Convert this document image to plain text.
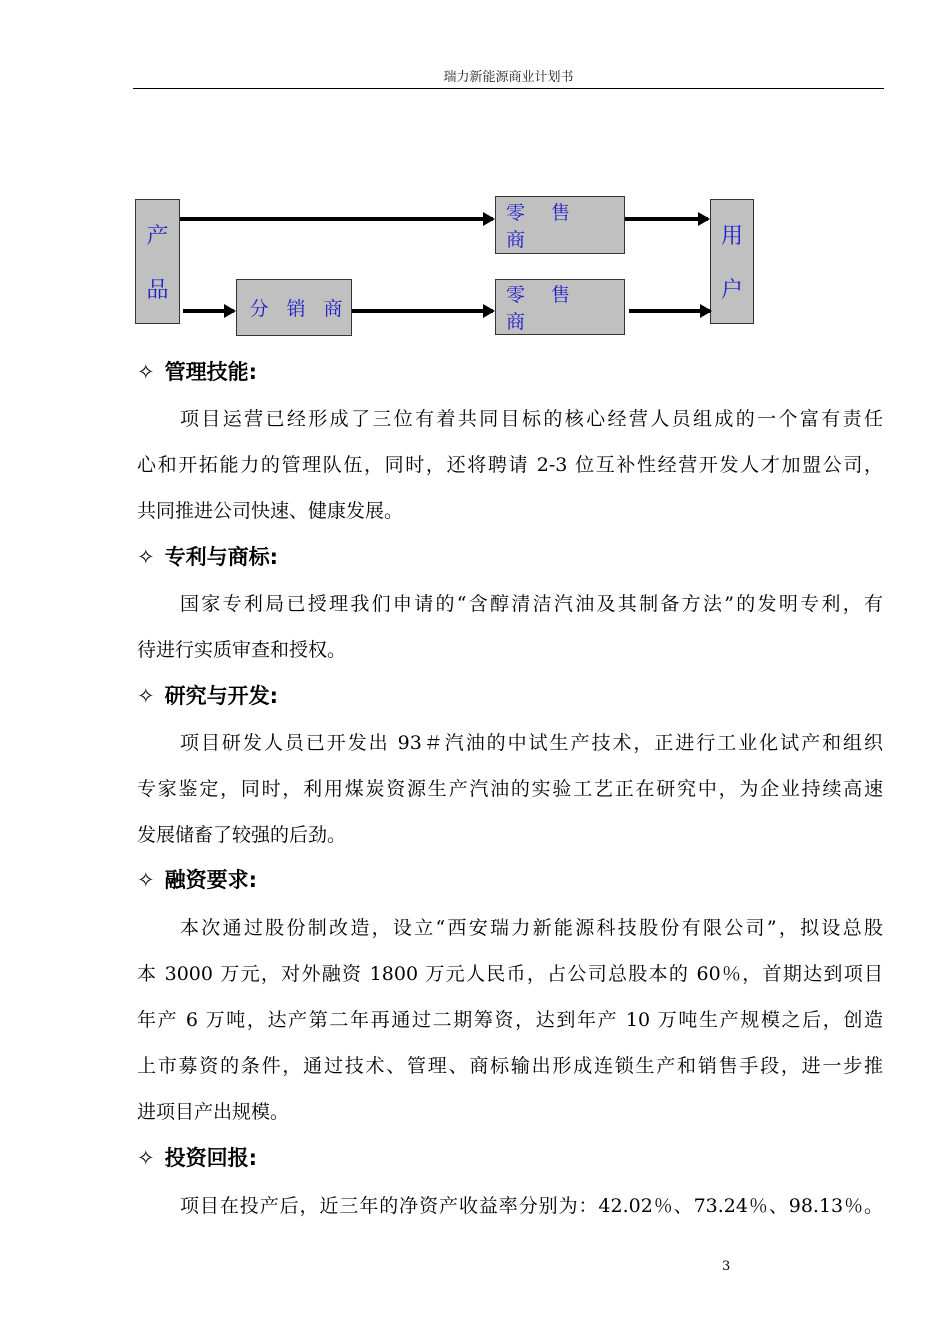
瑞力新能源商业计划书
产
品
零 售 商
分 销 商
零 售 商
用
户
✧ 管理技能:
项目运营已经形成了三位有着共同目标的核心经营人员组成的一个富有责任
心和开拓能力的管理队伍，同时，还将聘请 2-3 位互补性经营开发人才加盟公司，
共同推进公司快速、健康发展。
✧ 专利与商标:
国家专利局已授理我们申请的“含醇清洁汽油及其制备方法”的发明专利，有
待进行实质审查和授权。
✧ 研究与开发:
项目研发人员已开发出 93＃汽油的中试生产技术，正进行工业化试产和组织
专家鉴定，同时，利用煤炭资源生产汽油的实验工艺正在研究中，为企业持续高速
发展储畜了较强的后劲。
✧ 融资要求:
本次通过股份制改造，设立“西安瑞力新能源科技股份有限公司”，拟设总股
本 3000 万元，对外融资 1800 万元人民币，占公司总股本的 60％，首期达到项目
年产 6 万吨，达产第二年再通过二期筹资，达到年产 10 万吨生产规模之后，创造
上市募资的条件，通过技术、管理、商标输出形成连锁生产和销售手段，进一步推
进项目产出规模。
✧ 投资回报:
项目在投产后，近三年的净资产收益率分别为：42.02％、73.24％、98.13％。
3
